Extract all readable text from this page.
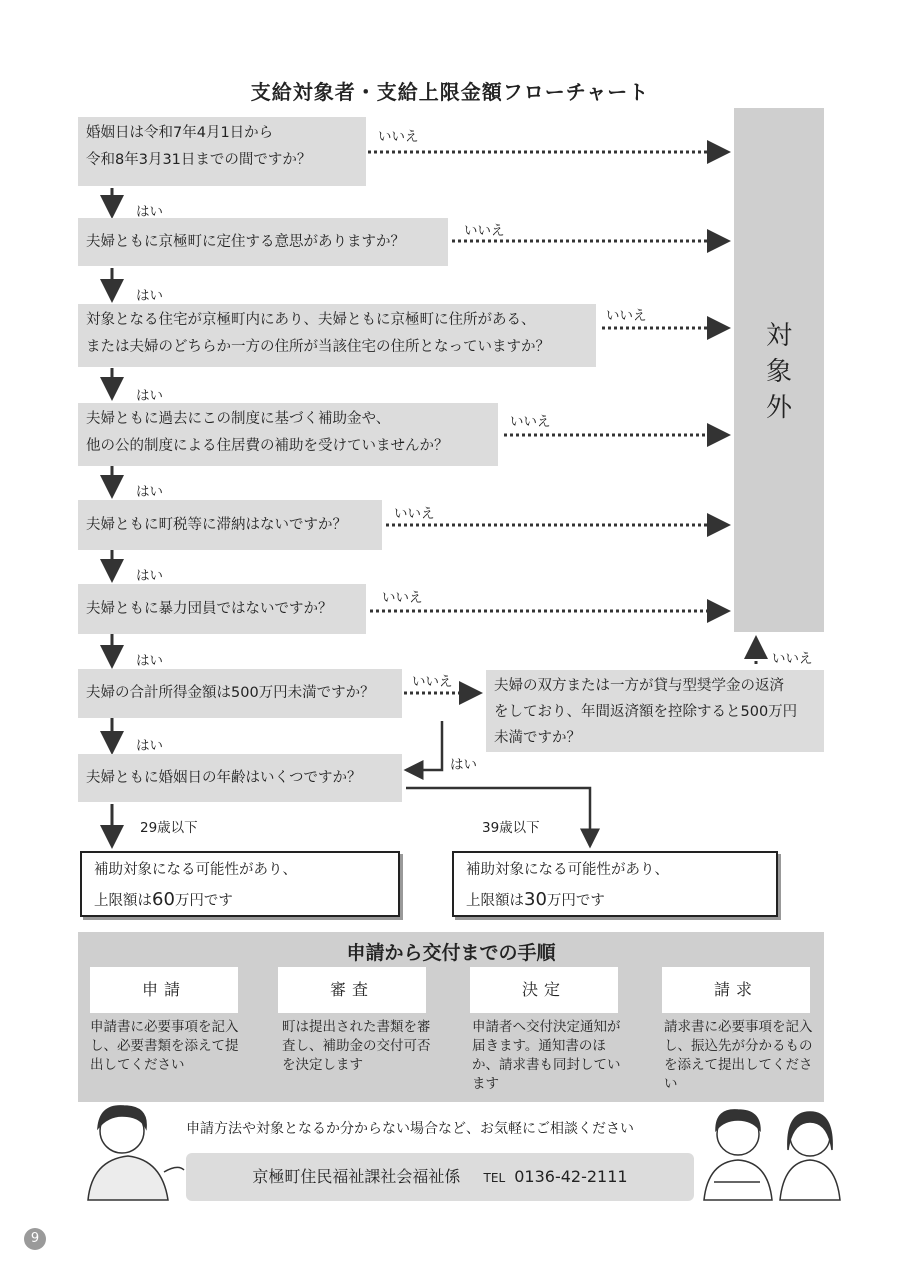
支給対象者・支給上限金額フローチャート
対
象
外
婚姻日は令和7年4月1日から
令和8年3月31日までの間ですか？
夫婦ともに京極町に定住する意思がありますか？
対象となる住宅が京極町内にあり、夫婦ともに京極町に住所がある、
または夫婦のどちらか一方の住所が当該住宅の住所となっていますか？
夫婦ともに過去にこの制度に基づく補助金や、
他の公的制度による住居費の補助を受けていませんか？
夫婦ともに町税等に滞納はないですか？
夫婦ともに暴力団員ではないですか？
夫婦の合計所得金額は500万円未満ですか？
夫婦ともに婚姻日の年齢はいくつですか？
夫婦の双方または一方が貸与型奨学金の返済
をしており、年間返済額を控除すると500万円
未満ですか？
はい
はい
はい
はい
はい
はい
はい
はい
いいえ
いいえ
いいえ
いいえ
いいえ
いいえ
いいえ
いいえ
29歳以下	39歳以下
補助対象になる可能性があり、
上限額は60万円です
補助対象になる可能性があり、
上限額は30万円です
申請から交付までの手順
申請	審査	決定	請求
申請書に必要事項を記入し、必要書類を添えて提出してください
町は提出された書類を審査し、補助金の交付可否を決定します
申請者へ交付決定通知が届きます。通知書のほか、請求書も同封しています
請求書に必要事項を記入し、振込先が分かるものを添えて提出してください
申請方法や対象となるか分からない場合など、お気軽にご相談ください
京極町住民福祉課社会福祉係 TEL 0136-42-2111
9
